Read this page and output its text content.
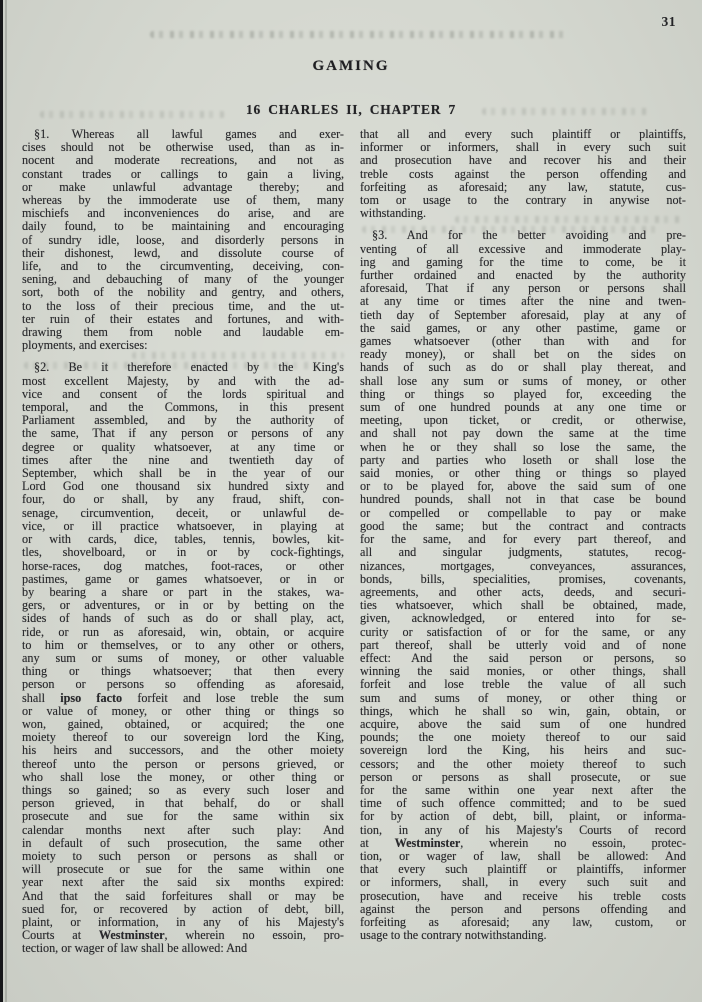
31
GAMING
16 CHARLES II, CHAPTER 7
§1. Whereas all lawful games and exer-
cises should not be otherwise used, than as in-
nocent and moderate recreations, and not as
constant trades or callings to gain a living,
or make unlawful advantage thereby; and
whereas by the immoderate use of them, many
mischiefs and inconveniences do arise, and are
daily found, to be maintaining and encouraging
of sundry idle, loose, and disorderly persons in
their dishonest, lewd, and dissolute course of
life, and to the circumventing, deceiving, con-
sening, and debauching of many of the younger
sort, both of the nobility and gentry, and others,
to the loss of their precious time, and the ut-
ter ruin of their estates and fortunes, and with-
drawing them from noble and laudable em-
ployments, and exercises:
§2. Be it therefore enacted by the King's
most excellent Majesty, by and with the ad-
vice and consent of the lords spiritual and
temporal, and the Commons, in this present
Parliament assembled, and by the authority of
the same, That if any person or persons of any
degree or quality whatsoever, at any time or
times after the nine and twentieth day of
September, which shall be in the year of our
Lord God one thousand six hundred sixty and
four, do or shall, by any fraud, shift, con-
senage, circumvention, deceit, or unlawful de-
vice, or ill practice whatsoever, in playing at
or with cards, dice, tables, tennis, bowles, kit-
tles, shovelboard, or in or by cock-fightings,
horse-races, dog matches, foot-races, or other
pastimes, game or games whatsoever, or in or
by bearing a share or part in the stakes, wa-
gers, or adventures, or in or by betting on the
sides of hands of such as do or shall play, act,
ride, or run as aforesaid, win, obtain, or acquire
to him or themselves, or to any other or others,
any sum or sums of money, or other valuable
thing or things whatsoever; that then every
person or persons so offending as aforesaid,
shall ipso facto forfeit and lose treble the sum
or value of money, or other thing or things so
won, gained, obtained, or acquired; the one
moiety thereof to our sovereign lord the King,
his heirs and successors, and the other moiety
thereof unto the person or persons grieved, or
who shall lose the money, or other thing or
things so gained; so as every such loser and
person grieved, in that behalf, do or shall
prosecute and sue for the same within six
calendar months next after such play: And
in default of such prosecution, the same other
moiety to such person or persons as shall or
will prosecute or sue for the same within one
year next after the said six months expired:
And that the said forfeitures shall or may be
sued for, or recovered by action of debt, bill,
plaint, or information, in any of his Majesty's
Courts at Westminster, wherein no essoin, pro-
tection, or wager of law shall be allowed: And
that all and every such plaintiff or plaintiffs,
informer or informers, shall in every such suit
and prosecution have and recover his and their
treble costs against the person offending and
forfeiting as aforesaid; any law, statute, cus-
tom or usage to the contrary in anywise not-
withstanding.
§3. And for the better avoiding and pre-
venting of all excessive and immoderate play-
ing and gaming for the time to come, be it
further ordained and enacted by the authority
aforesaid, That if any person or persons shall
at any time or times after the nine and twen-
tieth day of September aforesaid, play at any of
the said games, or any other pastime, game or
games whatsoever (other than with and for
ready money), or shall bet on the sides on
hands of such as do or shall play thereat, and
shall lose any sum or sums of money, or other
thing or things so played for, exceeding the
sum of one hundred pounds at any one time or
meeting, upon ticket, or credit, or otherwise,
and shall not pay down the same at the time
when he or they shall so lose the same, the
party and parties who loseth or shall lose the
said monies, or other thing or things so played
or to be played for, above the said sum of one
hundred pounds, shall not in that case be bound
or compelled or compellable to pay or make
good the same; but the contract and contracts
for the same, and for every part thereof, and
all and singular judgments, statutes, recog-
nizances, mortgages, conveyances, assurances,
bonds, bills, specialities, promises, covenants,
agreements, and other acts, deeds, and securi-
ties whatsoever, which shall be obtained, made,
given, acknowledged, or entered into for se-
curity or satisfaction of or for the same, or any
part thereof, shall be utterly void and of none
effect: And the said person or persons, so
winning the said monies, or other things, shall
forfeit and lose treble the value of all such
sum and sums of money, or other thing or
things, which he shall so win, gain, obtain, or
acquire, above the said sum of one hundred
pounds; the one moiety thereof to our said
sovereign lord the King, his heirs and suc-
cessors; and the other moiety thereof to such
person or persons as shall prosecute, or sue
for the same within one year next after the
time of such offence committed; and to be sued
for by action of debt, bill, plaint, or informa-
tion, in any of his Majesty's Courts of record
at Westminster, wherein no essoin, protec-
tion, or wager of law, shall be allowed: And
that every such plaintiff or plaintiffs, informer
or informers, shall, in every such suit and
prosecution, have and receive his treble costs
against the person and persons offending and
forfeiting as aforesaid; any law, custom, or
usage to the contrary notwithstanding.
